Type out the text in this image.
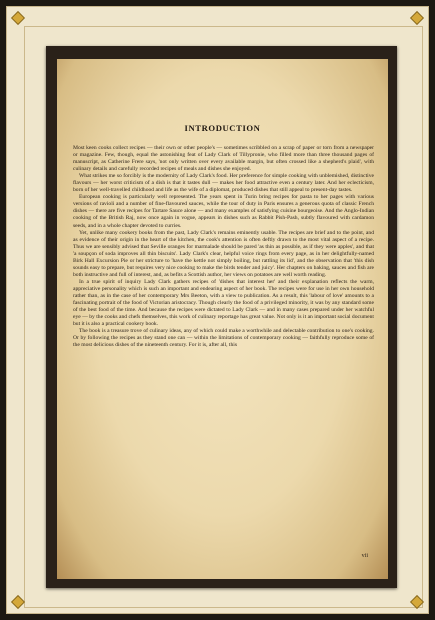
INTRODUCTION

Most keen cooks collect recipes — their own or other people's — sometimes scribbled on a scrap of paper or torn from a newspaper or magazine. Few, though, equal the astonishing feat of Lady Clark of Tillypronie, who filled more than three thousand pages of manuscript, as Catherine Frere says, 'not only written over every available margin, but often crossed like a shepherd's plaid', with culinary details and carefully recorded recipes of meals and dishes she enjoyed.

What strikes me so forcibly is the modernity of Lady Clark's food. Her preference for simple cooking with unblemished, distinctive flavours — her worst criticism of a dish is that it tastes dull — makes her food attractive even a century later. And her eclecticism, born of her well-travelled childhood and life as the wife of a diplomat, produced dishes that still appeal to present-day tastes.

European cooking is particularly well represented. The years spent in Turin bring recipes for pasta to her pages with various versions of ravioli and a number of fine-flavoured sauces, while the tour of duty in Paris ensures a generous quota of classic French dishes — there are five recipes for Tartare Sauce alone — and many examples of satisfying cuisine bourgeoise. And the Anglo-Indian cooking of the British Raj, now once again in vogue, appears in dishes such as Rabbit Pish-Pash, subtly flavoured with cardamon seeds, and in a whole chapter devoted to curries.

Yet, unlike many cookery books from the past, Lady Clark's remains eminently usable. The recipes are brief and to the point, and as evidence of their origin in the heart of the kitchen, the cook's attention is often deftly drawn to the most vital aspect of a recipe. Thus we are sensibly advised that Seville oranges for marmalade should be pared 'as thin as possible, as if they were apples', and that 'a soupçon of soda improves all thin biscuits'. Lady Clark's clear, helpful voice rings from every page, as in her delightfully-named Birk Hall Excursion Pie or her stricture to 'have the kettle not simply boiling, but rattling its lid', and the observation that 'this dish sounds easy to prepare, but requires very nice cooking to make the birds tender and juicy'. Her chapters on baking, sauces and fish are both instructive and full of interest, and, as befits a Scottish author, her views on potatoes are well worth reading.

In a true spirit of inquiry Lady Clark gathers recipes of 'dishes that interest her' and their explanation reflects the warm, appreciative personality which is such an important and endearing aspect of her book. The recipes were for use in her own household rather than, as in the case of her contemporary Mrs Beeton, with a view to publication. As a result, this 'labour of love' amounts to a fascinating portrait of the food of Victorian aristocracy. Though clearly the food of a privileged minority, it was by any standard some of the best food of the time. And because the recipes were dictated to Lady Clark — and in many cases prepared under her watchful eye — by the cooks and chefs themselves, this work of culinary reportage has great value. Not only is it an important social document but it is also a practical cookery book.

The book is a treasure trove of culinary ideas, any of which could make a worthwhile and delectable contribution to one's cooking. Or by following the recipes as they stand one can — within the limitations of contemporary cooking — faithfully reproduce some of the most delicious dishes of the nineteenth century. For it is, after all, this

vii
